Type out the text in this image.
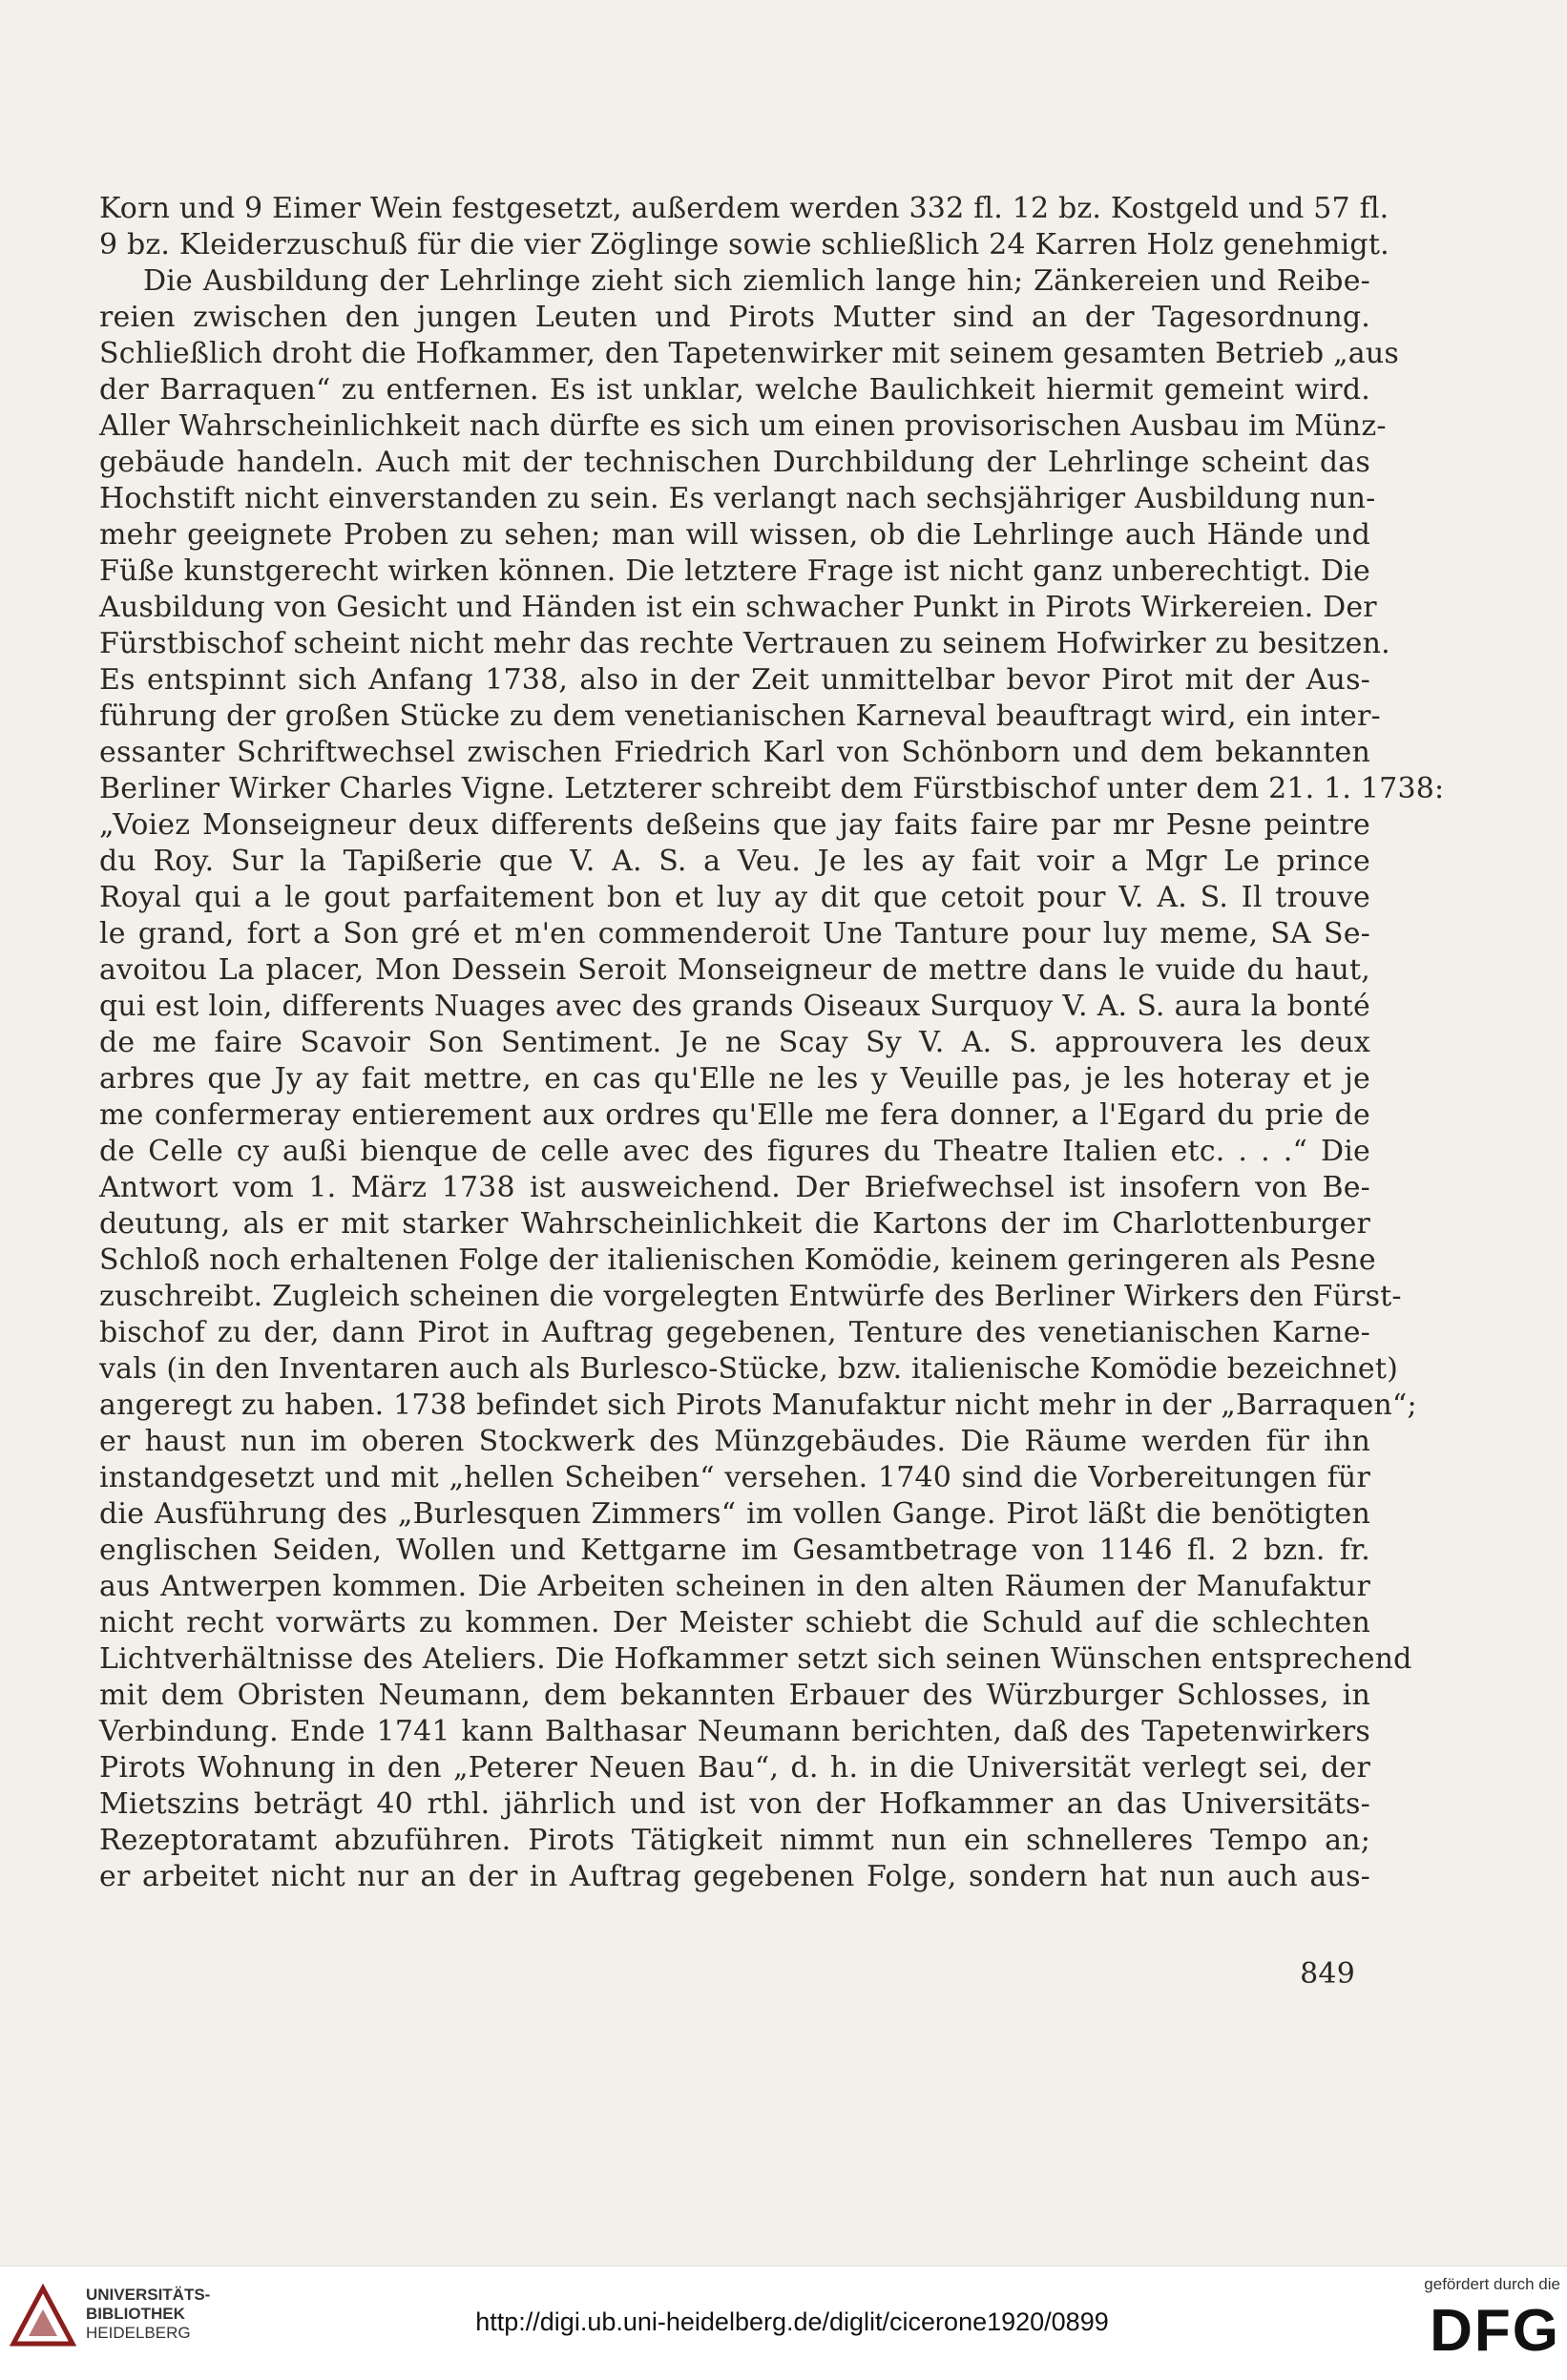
Korn und 9 Eimer Wein festgesetzt, außerdem werden 332 fl. 12 bz. Kostgeld und 57 fl.
9 bz. Kleiderzuschuß für die vier Zöglinge sowie schließlich 24 Karren Holz genehmigt.
Die Ausbildung der Lehrlinge zieht sich ziemlich lange hin; Zänkereien und Reibe-
reien zwischen den jungen Leuten und Pirots Mutter sind an der Tagesordnung.
Schließlich droht die Hofkammer, den Tapetenwirker mit seinem gesamten Betrieb „aus
der Barraquen“ zu entfernen. Es ist unklar, welche Baulichkeit hiermit gemeint wird.
Aller Wahrscheinlichkeit nach dürfte es sich um einen provisorischen Ausbau im Münz-
gebäude handeln. Auch mit der technischen Durchbildung der Lehrlinge scheint das
Hochstift nicht einverstanden zu sein. Es verlangt nach sechsjähriger Ausbildung nun-
mehr geeignete Proben zu sehen; man will wissen, ob die Lehrlinge auch Hände und
Füße kunstgerecht wirken können. Die letztere Frage ist nicht ganz unberechtigt. Die
Ausbildung von Gesicht und Händen ist ein schwacher Punkt in Pirots Wirkereien. Der
Fürstbischof scheint nicht mehr das rechte Vertrauen zu seinem Hofwirker zu besitzen.
Es entspinnt sich Anfang 1738, also in der Zeit unmittelbar bevor Pirot mit der Aus-
führung der großen Stücke zu dem venetianischen Karneval beauftragt wird, ein inter-
essanter Schriftwechsel zwischen Friedrich Karl von Schönborn und dem bekannten
Berliner Wirker Charles Vigne. Letzterer schreibt dem Fürstbischof unter dem 21. 1. 1738:
„Voiez Monseigneur deux differents deßeins que jay faits faire par mr Pesne peintre
du Roy. Sur la Tapißerie que V. A. S. a Veu. Je les ay fait voir a Mgr Le prince
Royal qui a le gout parfaitement bon et luy ay dit que cetoit pour V. A. S. Il trouve
le grand, fort a Son gré et m'en commenderoit Une Tanture pour luy meme, SA Se-
avoitou La placer, Mon Dessein Seroit Monseigneur de mettre dans le vuide du haut,
qui est loin, differents Nuages avec des grands Oiseaux Surquoy V. A. S. aura la bonté
de me faire Scavoir Son Sentiment. Je ne Scay Sy V. A. S. approuvera les deux
arbres que Jy ay fait mettre, en cas qu'Elle ne les y Veuille pas, je les hoteray et je
me confermeray entierement aux ordres qu'Elle me fera donner, a l'Egard du prie de
de Celle cy außi bienque de celle avec des figures du Theatre Italien etc. . . .“ Die
Antwort vom 1. März 1738 ist ausweichend. Der Briefwechsel ist insofern von Be-
deutung, als er mit starker Wahrscheinlichkeit die Kartons der im Charlottenburger
Schloß noch erhaltenen Folge der italienischen Komödie, keinem geringeren als Pesne
zuschreibt. Zugleich scheinen die vorgelegten Entwürfe des Berliner Wirkers den Fürst-
bischof zu der, dann Pirot in Auftrag gegebenen, Tenture des venetianischen Karne-
vals (in den Inventaren auch als Burlesco-Stücke, bzw. italienische Komödie bezeichnet)
angeregt zu haben. 1738 befindet sich Pirots Manufaktur nicht mehr in der „Barraquen“;
er haust nun im oberen Stockwerk des Münzgebäudes. Die Räume werden für ihn
instandgesetzt und mit „hellen Scheiben“ versehen. 1740 sind die Vorbereitungen für
die Ausführung des „Burlesquen Zimmers“ im vollen Gange. Pirot läßt die benötigten
englischen Seiden, Wollen und Kettgarne im Gesamtbetrage von 1146 fl. 2 bzn. fr.
aus Antwerpen kommen. Die Arbeiten scheinen in den alten Räumen der Manufaktur
nicht recht vorwärts zu kommen. Der Meister schiebt die Schuld auf die schlechten
Lichtverhältnisse des Ateliers. Die Hofkammer setzt sich seinen Wünschen entsprechend
mit dem Obristen Neumann, dem bekannten Erbauer des Würzburger Schlosses, in
Verbindung. Ende 1741 kann Balthasar Neumann berichten, daß des Tapetenwirkers
Pirots Wohnung in den „Peterer Neuen Bau“, d. h. in die Universität verlegt sei, der
Mietszins beträgt 40 rthl. jährlich und ist von der Hofkammer an das Universitäts-
Rezeptoratamt abzuführen. Pirots Tätigkeit nimmt nun ein schnelleres Tempo an;
er arbeitet nicht nur an der in Auftrag gegebenen Folge, sondern hat nun auch aus-
849
UNIVERSITÄTS-
BIBLIOTHEK
HEIDELBERG	http://digi.ub.uni-heidelberg.de/diglit/cicerone1920/0899
gefördert durch die
DFG
